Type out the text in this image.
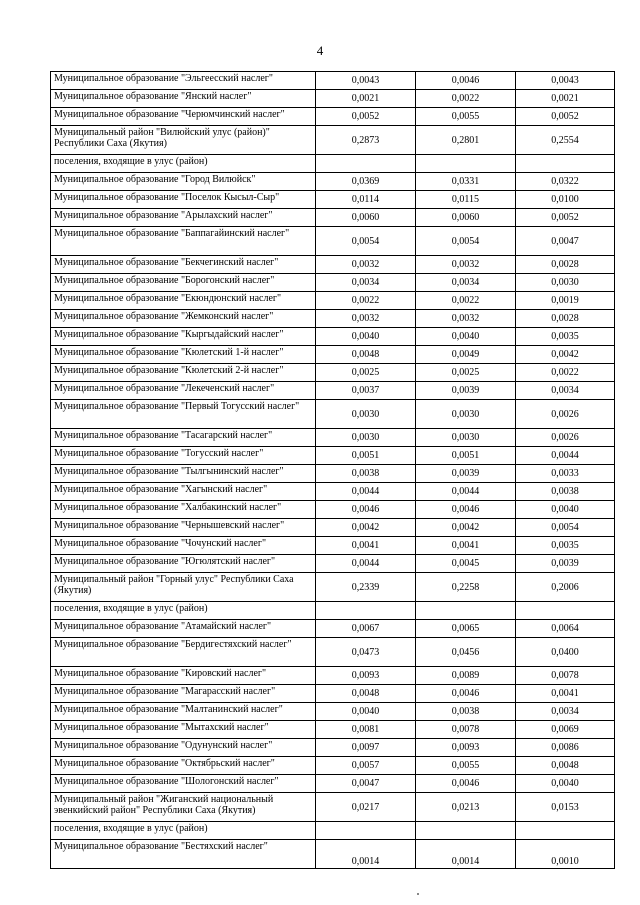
4
Муниципальное образование "Эльгеесский наслег"	0,0043	0,0046	0,0043
Муниципальное образование "Янский наслег"	0,0021	0,0022	0,0021
Муниципальное образование "Черюмчинский наслег"	0,0052	0,0055	0,0052
Муниципальный район "Вилюйский улус (район)" Республики Саха (Якутия)	0,2873	0,2801	0,2554
поселения, входящие в улус (район)			
Муниципальное образование "Город Вилюйск"	0,0369	0,0331	0,0322
Муниципальное образование "Поселок Кысыл-Сыр"	0,0114	0,0115	0,0100
Муниципальное образование "Арылахский наслег"	0,0060	0,0060	0,0052
Муниципальное образование "Баппагайинский наслег"	0,0054	0,0054	0,0047
Муниципальное образование "Бекчегинский наслег"	0,0032	0,0032	0,0028
Муниципальное образование "Борогонский наслег"	0,0034	0,0034	0,0030
Муниципальное образование "Екюндюнский наслег"	0,0022	0,0022	0,0019
Муниципальное образование "Жемконский наслег"	0,0032	0,0032	0,0028
Муниципальное образование "Кыргыдайский наслег"	0,0040	0,0040	0,0035
Муниципальное образование "Кюлетский 1-й наслег"	0,0048	0,0049	0,0042
Муниципальное образование "Кюлетский 2-й наслег"	0,0025	0,0025	0,0022
Муниципальное образование "Лекеченский наслег"	0,0037	0,0039	0,0034
Муниципальное образование "Первый Тогусский наслег"	0,0030	0,0030	0,0026
Муниципальное образование "Тасагарский наслег"	0,0030	0,0030	0,0026
Муниципальное образование "Тогусский наслег"	0,0051	0,0051	0,0044
Муниципальное образование "Тылгынинский наслег"	0,0038	0,0039	0,0033
Муниципальное образование "Хагынский наслег"	0,0044	0,0044	0,0038
Муниципальное образование "Халбакинский наслег"	0,0046	0,0046	0,0040
Муниципальное образование "Чернышевский наслег"	0,0042	0,0042	0,0054
Муниципальное образование "Чочунский наслег"	0,0041	0,0041	0,0035
Муниципальное образование "Югюлятский наслег"	0,0044	0,0045	0,0039
Муниципальный район "Горный улус" Республики Саха (Якутия)	0,2339	0,2258	0,2006
поселения, входящие в улус (район)			
Муниципальное образование "Атамайский наслег"	0,0067	0,0065	0,0064
Муниципальное образование "Бердигестяхский наслег"	0,0473	0,0456	0,0400
Муниципальное образование "Кировский наслег"	0,0093	0,0089	0,0078
Муниципальное образование "Магарасский наслег"	0,0048	0,0046	0,0041
Муниципальное образование "Малтанинский наслег"	0,0040	0,0038	0,0034
Муниципальное образование "Мытахский наслег"	0,0081	0,0078	0,0069
Муниципальное образование "Одунунский наслег"	0,0097	0,0093	0,0086
Муниципальное образование "Октябрьский наслег"	0,0057	0,0055	0,0048
Муниципальное образование "Шологонский наслег"	0,0047	0,0046	0,0040
Муниципальный район "Жиганский национальный эвенкийский район" Республики Саха (Якутия)	0,0217	0,0213	0,0153
поселения, входящие в улус (район)			
Муниципальное образование "Бестяхский наслег"	0,0014	0,0014	0,0010
